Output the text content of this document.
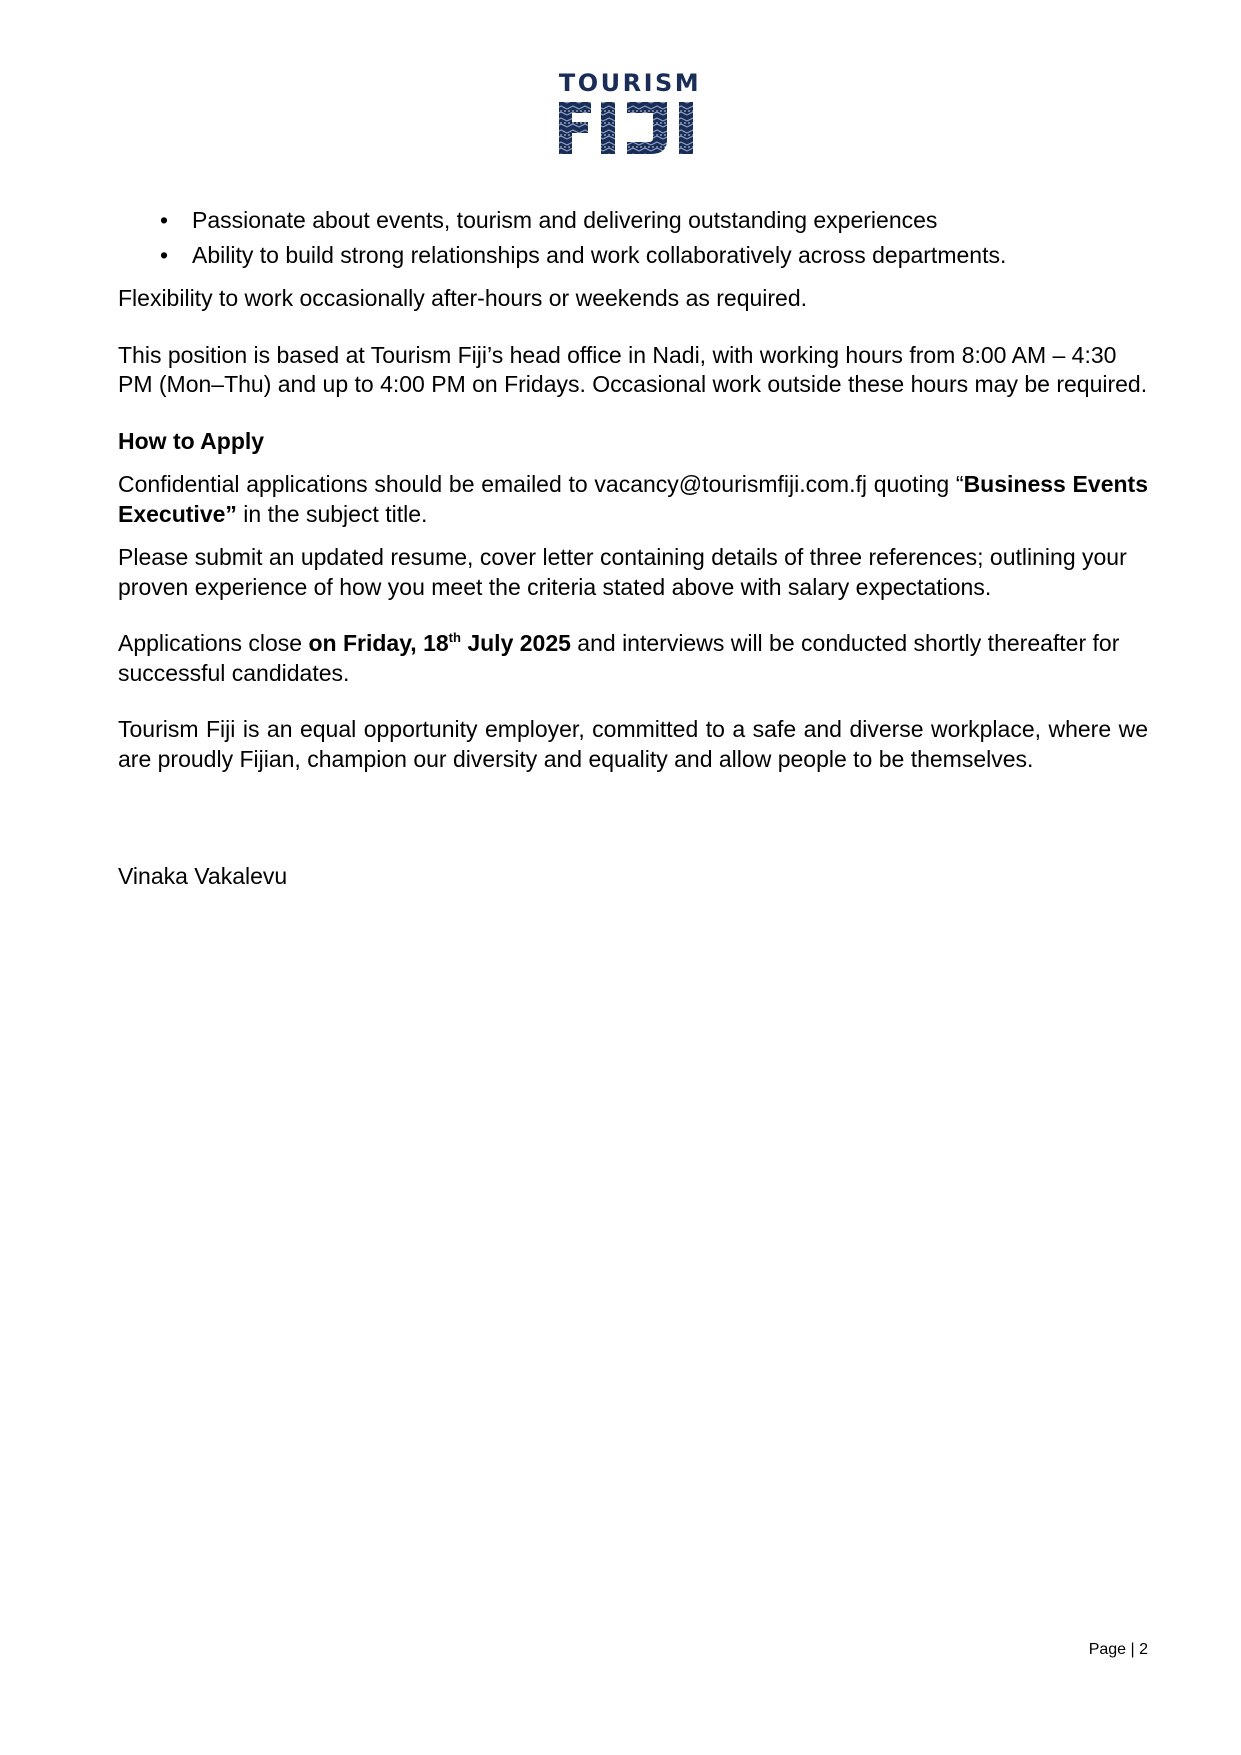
TOURISM
• Passionate about events, tourism and delivering outstanding experiences
• Ability to build strong relationships and work collaboratively across departments.

Flexibility to work occasionally after-hours or weekends as required.

This position is based at Tourism Fiji’s head office in Nadi, with working hours from 8:00 AM – 4:30 PM (Mon–Thu) and up to 4:00 PM on Fridays. Occasional work outside these hours may be required.

How to Apply

Confidential applications should be emailed to vacancy@tourismfiji.com.fj quoting “Business Events Executive” in the subject title.

Please submit an updated resume, cover letter containing details of three references; outlining your proven experience of how you meet the criteria stated above with salary expectations.

Applications close on Friday, 18th July 2025 and interviews will be conducted shortly thereafter for successful candidates.

Tourism Fiji is an equal opportunity employer, committed to a safe and diverse workplace, where we are proudly Fijian, champion our diversity and equality and allow people to be themselves.

Vinaka Vakalevu

Page | 2
